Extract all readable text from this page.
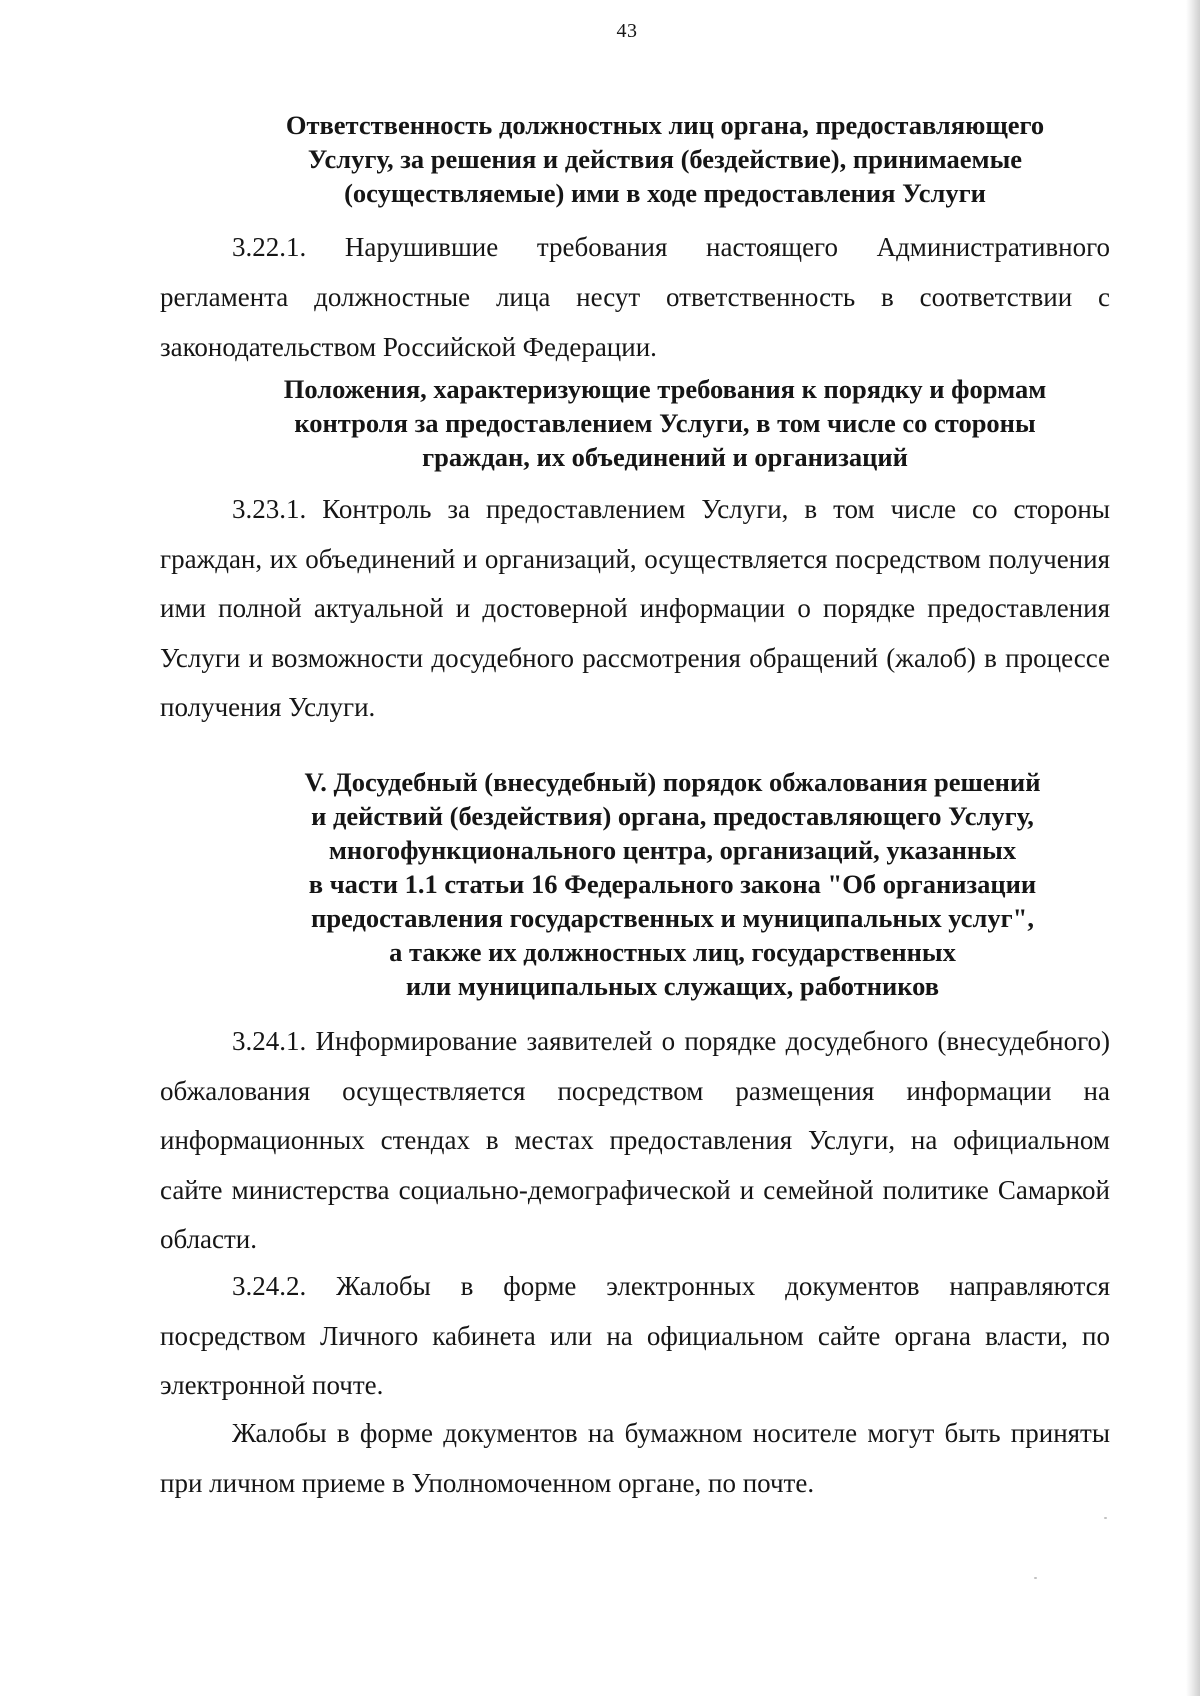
43
Ответственность должностных лиц органа, предоставляющего
Услугу, за решения и действия (бездействие), принимаемые
(осуществляемые) ими в ходе предоставления Услуги

3.22.1. Нарушившие требования настоящего Административного регламента должностные лица несут ответственность в соответствии с законодательством Российской Федерации.

Положения, характеризующие требования к порядку и формам
контроля за предоставлением Услуги, в том числе со стороны
граждан, их объединений и организаций

3.23.1. Контроль за предоставлением Услуги, в том числе со стороны граждан, их объединений и организаций, осуществляется посредством получения ими полной актуальной и достоверной информации о порядке предоставления Услуги и возможности досудебного рассмотрения обращений (жалоб) в процессе получения Услуги.

V. Досудебный (внесудебный) порядок обжалования решений
и действий (бездействия) органа, предоставляющего Услугу,
многофункционального центра, организаций, указанных
в части 1.1 статьи 16 Федерального закона "Об организации
предоставления государственных и муниципальных услуг",
а также их должностных лиц, государственных
или муниципальных служащих, работников

3.24.1. Информирование заявителей о порядке досудебного (внесудебного) обжалования осуществляется посредством размещения информации на информационных стендах в местах предоставления Услуги, на официальном сайте министерства социально-демографической и семейной политике Самаркой области.

3.24.2. Жалобы в форме электронных документов направляются посредством Личного кабинета или на официальном сайте органа власти, по электронной почте.

Жалобы в форме документов на бумажном носителе могут быть приняты при личном приеме в Уполномоченном органе, по почте.
